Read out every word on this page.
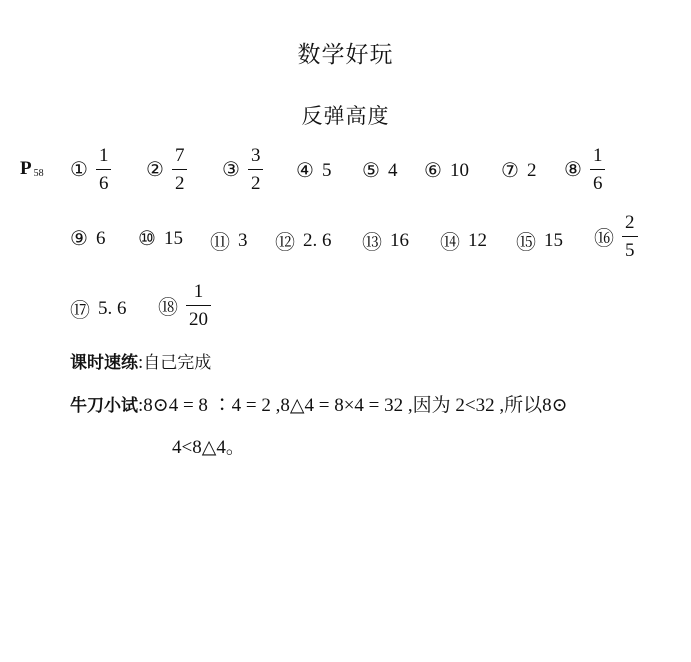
数学好玩
反弹高度
P $_{58}$ ① $\frac{1}{6}$ ② $\frac{7}{2}$ ③ $\frac{3}{2}$ ④ 5 ⑤ 4 ⑥ 10 ⑦ 2 ⑧ $\frac{1}{6}$
⑨ 6 ⑩ 15 ⑪ 3 ⑫ 2. 6 ⑬ 16 ⑭ 12 ⑮ 15 ⑯ $\frac{2}{5}$
⑰ 5. 6 ⑱ $\frac{1}{20}$
课时速练:自己完成
牛刀小试:8⊙4 = 8 ∶4 = 2 ,8△4 = 8×4 = 32 ,因为 2<32 ,所以8⊙
4<8△4。
